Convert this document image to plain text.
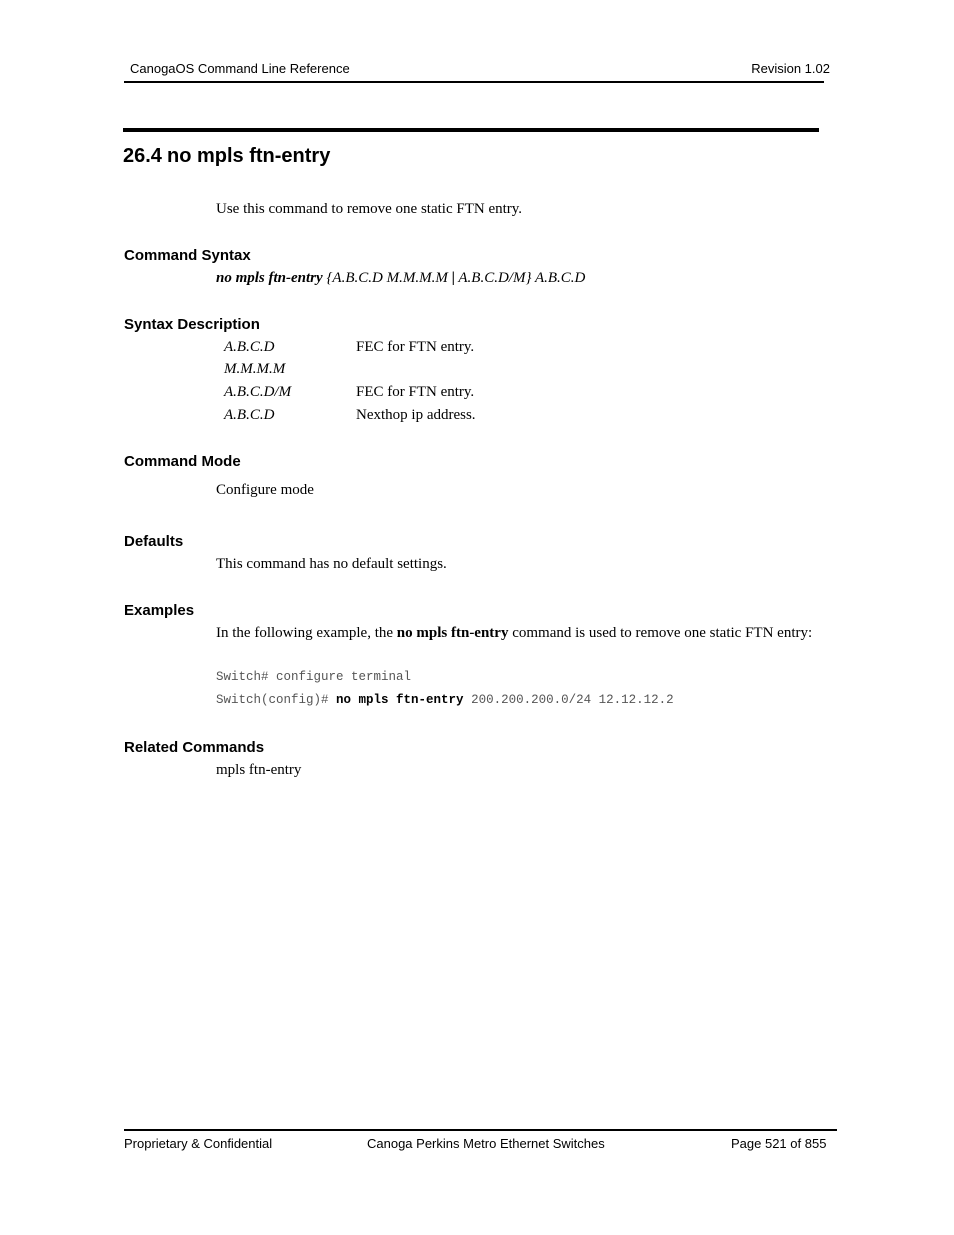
CanogaOS Command Line Reference	Revision 1.02
26.4 no mpls ftn-entry
Use this command to remove one static FTN entry.
Command Syntax
no mpls ftn-entry {A.B.C.D M.M.M.M | A.B.C.D/M} A.B.C.D
Syntax Description
A.B.C.D	FEC for FTN entry.
M.M.M.M
A.B.C.D/M	FEC for FTN entry.
A.B.C.D	Nexthop ip address.
Command Mode
Configure mode
Defaults
This command has no default settings.
Examples
In the following example, the no mpls ftn-entry command is used to remove one static FTN entry:
Switch# configure terminal
Switch(config)# no mpls ftn-entry 200.200.200.0/24 12.12.12.2
Related Commands
mpls ftn-entry
Proprietary & Confidential	Canoga Perkins Metro Ethernet Switches	Page 521 of 855
